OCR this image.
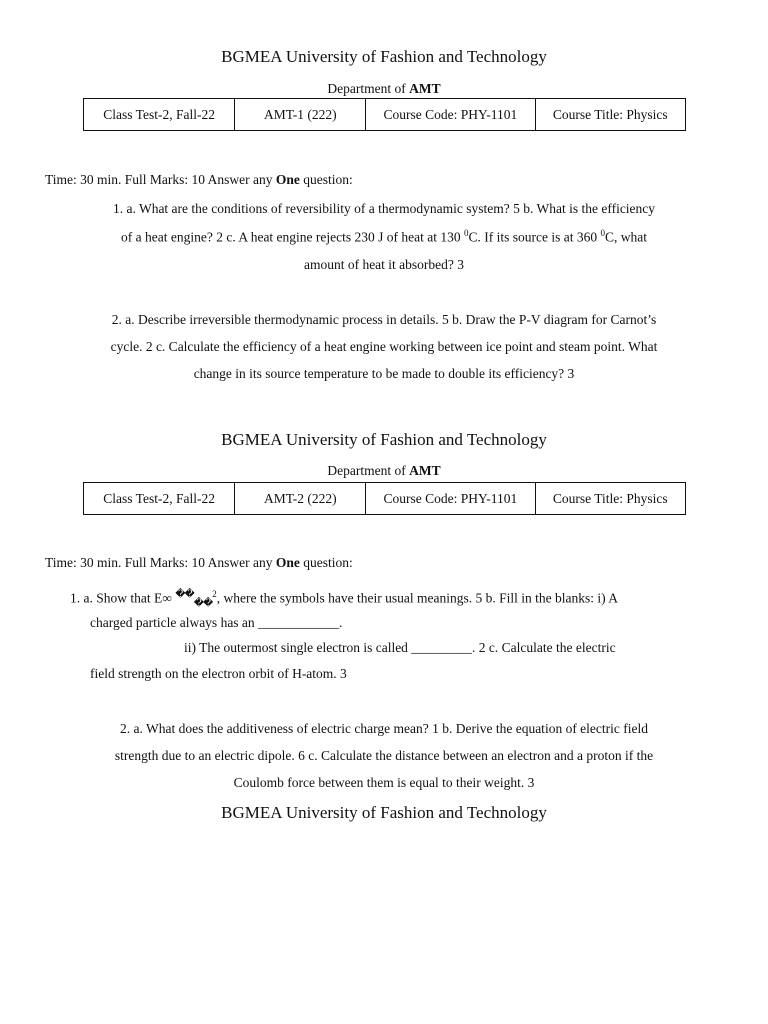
BGMEA University of Fashion and Technology
Department of AMT
Class Test-2, Fall-22	AMT-1 (222)	Course Code: PHY-1101	Course Title: Physics
Time: 30 min. Full Marks: 10 Answer any One question:
1. a. What are the conditions of reversibility of a thermodynamic system? 5 b. What is the efficiency
of a heat engine? 2 c. A heat engine rejects 230 J of heat at 130 $^0$C. If its source is at 360 $^0$C, what
amount of heat it absorbed? 3
2. a. Describe irreversible thermodynamic process in details. 5 b. Draw the P-V diagram for Carnot’s
cycle. 2 c. Calculate the efficiency of a heat engine working between ice point and steam point. What
change in its source temperature to be made to double its efficiency? 3
BGMEA University of Fashion and Technology
Department of AMT
Class Test-2, Fall-22	AMT-2 (222)	Course Code: PHY-1101	Course Title: Physics
Time: 30 min. Full Marks: 10 Answer any One question:
1. a. Show that E∞ ��$_{��}^2$, where the symbols have their usual meanings. 5 b. Fill in the blanks: i) A
charged particle always has an ____________.
ii) The outermost single electron is called _________. 2 c. Calculate the electric
field strength on the electron orbit of H-atom. 3
2. a. What does the additiveness of electric charge mean? 1 b. Derive the equation of electric field
strength due to an electric dipole. 6 c. Calculate the distance between an electron and a proton if the
Coulomb force between them is equal to their weight. 3
BGMEA University of Fashion and Technology
